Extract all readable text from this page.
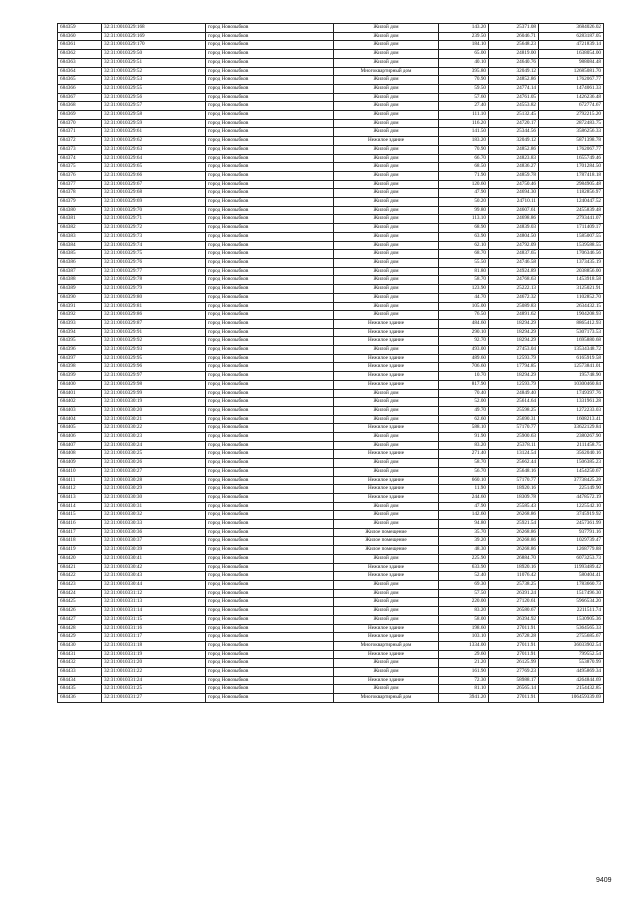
684359	32:31:0010329:168	город Новозыбков	Жилой дом	143.20	25371.08	3684026.02
684360	32:31:0010329:169	город Новозыбков	Жилой дом	239.50	26046.71	6283187.05
684361	32:31:0010329:170	город Новозыбков	Жилой дом	184.10	25648.23	4721839.14
684362	32:31:0010329:50	город Новозыбков	Жилой дом	65.00	24819.00	1638054.00
684363	32:31:0010329:51	город Новозыбков	Жилой дом	40.10	24640.76	988084.48
684364	32:31:0010329:52	город Новозыбков	Многоквартирный дом	395.80	32049.12	12685081.70
684365	32:31:0010329:53	город Новозыбков	Жилой дом	70.90	24852.86	1762067.77
684366	32:31:0010329:55	город Новозыбков	Жилой дом	59.50	24774.14	1474061.33
684367	32:31:0010329:56	город Новозыбков	Жилой дом	57.60	24761.05	1426236.48
684368	32:31:0010329:57	город Новозыбков	Жилой дом	27.40	24553.82	672774.67
684369	32:31:0010329:58	город Новозыбков	Жилой дом	111.10	25132.45	2792215.20
684370	32:31:0010329:59	город Новозыбков	Жилой дом	116.20	24720.17	2872483.75
684371	32:31:0010329:61	город Новозыбков	Жилой дом	141.50	25344.56	3586256.33
684372	32:31:0010329:62	город Новозыбков	Нежилое здание	183.20	32049.12	5871398.78
684373	32:31:0010329:63	город Новозыбков	Жилой дом	70.90	24852.86	1762067.77
684374	32:31:0010329:64	город Новозыбков	Жилой дом	66.70	24823.83	1655749.46
684375	32:31:0010329:65	город Новозыбков	Жилой дом	68.50	24836.27	1701284.50
684376	32:31:0010329:66	город Новозыбков	Жилой дом	71.90	24859.78	1787418.18
684377	32:31:0010329:67	город Новозыбков	Жилой дом	120.60	24750.46	2984905.48
684378	32:31:0010329:68	город Новозыбков	Жилой дом	47.90	24694.30	1182856.97
684379	32:31:0010329:69	город Новозыбков	Жилой дом	50.20	24710.11	1240447.52
684380	32:31:0010329:70	город Новозыбков	Жилой дом	99.80	24607.61	2455839.48
684381	32:31:0010329:71	город Новозыбков	Жилой дом	113.10	24698.86	2793441.07
684382	32:31:0010329:72	город Новозыбков	Жилой дом	68.90	24839.03	1711409.17
684383	32:31:0010329:73	город Новозыбков	Жилой дом	63.90	24804.50	1585007.55
684384	32:31:0010329:74	город Новозыбков	Жилой дом	62.10	24792.09	1539588.55
684385	32:31:0010329:75	город Новозыбков	Жилой дом	68.70	24837.65	1706346.56
684386	32:31:0010329:76	город Новозыбков	Жилой дом	55.50	24746.58	1373435.19
684387	32:31:0010329:77	город Новозыбков	Жилой дом	81.80	24924.89	2038856.00
684388	32:31:0010329:78	город Новозыбков	Жилой дом	58.70	24768.63	1453918.58
684389	32:31:0010329:79	город Новозыбков	Жилой дом	123.90	25222.13	3125021.91
684390	32:31:0010329:80	город Новозыбков	Жилой дом	44.70	24672.32	1102852.70
684391	32:31:0010329:81	город Новозыбков	Жилой дом	105.00	25089.83	2634432.15
684392	32:31:0010329:86	город Новозыбков	Жилой дом	76.50	24891.62	1904208.93
684393	32:31:0010329:87	город Новозыбков	Нежилое здание	484.60	18294.29	8865412.93
684394	32:31:0010329:91	город Новозыбков	Нежилое здание	290.10	18294.29	5307173.53
684395	32:31:0010329:92	город Новозыбков	Нежилое здание	92.70	18294.29	1695880.68
684396	32:31:0010329:93	город Новозыбков	Жилой дом	493.00	27453.04	13534348.72
684397	32:31:0010329:95	город Новозыбков	Нежилое здание	489.60	12593.79	6165919.58
684398	32:31:0010329:96	город Новозыбков	Нежилое здание	706.60	17794.85	12573841.01
684399	32:31:0010329:97	город Новозыбков	Нежилое здание	10.70	18294.29	195748.90
684400	32:31:0010329:98	город Новозыбков	Нежилое здание	817.90	12593.79	10300460.84
684401	32:31:0010329:99	город Новозыбков	Жилой дом	70.40	24849.40	1749397.76
684402	32:31:0010330:19	город Новозыбков	Жилой дом	52.00	25614.64	1331961.28
684403	32:31:0010330:20	город Новозыбков	Жилой дом	49.70	25598.25	1272233.03
684404	32:31:0010330:21	город Новозыбков	Жилой дом	62.60	25690.31	1608213.41
684405	32:31:0010330:22	город Новозыбков	Нежилое здание	588.10	57170.77	33622129.84
684406	32:31:0010330:23	город Новозыбков	Жилой дом	91.90	25900.63	2380267.90
684407	32:31:0010330:24	город Новозыбков	Жилой дом	83.20	25378.11	2111458.75
684408	32:31:0010330:25	город Новозыбков	Нежилое здание	271.40	13124.54	3562040.16
684409	32:31:0010330:26	город Новозыбков	Жилой дом	58.70	25662.44	1506385.23
684410	32:31:0010330:27	город Новозыбков	Жилой дом	56.70	25648.16	1454250.67
684411	32:31:0010330:28	город Новозыбков	Нежилое здание	660.10	57170.77	37738425.28
684412	32:31:0010330:29	город Новозыбков	Нежилое здание	11.90	18920.16	225149.90
684413	32:31:0010330:30	город Новозыбков	Нежилое здание	244.60	18309.78	4478572.19
684414	32:31:0010330:31	город Новозыбков	Жилой дом	47.90	25585.43	1225542.10
684415	32:31:0010330:32	город Новозыбков	Жилой дом	142.60	26268.86	3745919.92
684416	32:31:0010330:33	город Новозыбков	Жилой дом	94.80	25921.54	2457361.99
684417	32:31:0010330:36	город Новозыбков	Жилое помещение	35.70	26268.86	937791.16
684418	32:31:0010330:37	город Новозыбков	Жилое помещение	39.20	26268.86	1029739.47
684419	32:31:0010330:39	город Новозыбков	Жилое помещение	48.30	26268.86	1268779.88
684420	32:31:0010330:41	город Новозыбков	Жилой дом	225.90	26884.70	6073253.73
684421	32:31:0010330:42	город Новозыбков	Нежилое здание	633.90	18920.16	11993489.42
684422	32:31:0010330:43	город Новозыбков	Нежилое здание	52.40	11076.42	580404.41
684423	32:31:0010330:44	город Новозыбков	Жилой дом	69.30	25738.25	1783660.73
684424	32:31:0010331:12	город Новозыбков	Жилой дом	57.50	26391.24	1517496.30
684425	32:31:0010331:13	город Новозыбков	Жилой дом	220.00	27120.61	5966534.20
684426	32:31:0010331:14	город Новозыбков	Жилой дом	83.20	26580.67	2211511.74
684427	32:31:0010331:15	город Новозыбков	Жилой дом	58.00	26394.92	1530905.36
684428	32:31:0010331:16	город Новозыбков	Нежилое здание	198.60	27011.91	5364565.33
684429	32:31:0010331:17	город Новозыбков	Нежилое здание	103.10	26728.28	2755685.67
684430	32:31:0010331:18	город Новозыбков	Многоквартирный дом	1334.00	27011.91	36033902.54
684431	32:31:0010331:19	город Новозыбков	Нежилое здание	29.60	27011.91	799552.54
684432	32:31:0010331:20	город Новозыбков	Жилой дом	21.20	26125.99	553870.99
684433	32:31:0010331:22	город Новозыбков	Жилой дом	161.90	27769.23	4495869.34
684434	32:31:0010331:24	город Новозыбков	Нежилое здание	72.30	58988.17	4264844.69
684435	32:31:0010331:25	город Новозыбков	Жилой дом	81.10	26565.14	2154432.85
684436	32:31:0010331:27	город Новозыбков	Многоквартирный дом	3941.20	27011.91	106459339.69
9409
